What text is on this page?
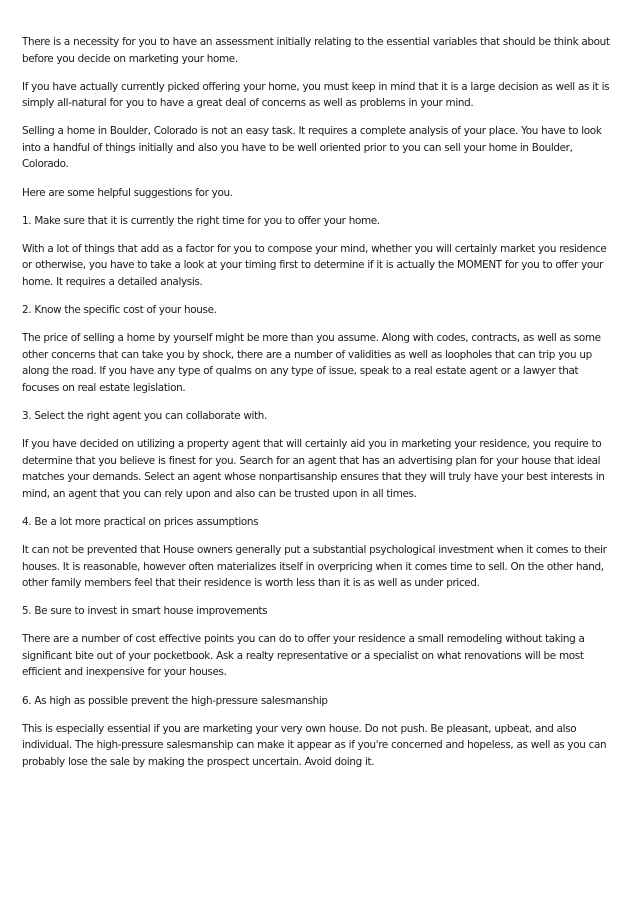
There is a necessity for you to have an assessment initially relating to the essential variables that should be think about before you decide on marketing your home.

If you have actually currently picked offering your home, you must keep in mind that it is a large decision as well as it is simply all-natural for you to have a great deal of concerns as well as problems in your mind.

Selling a home in Boulder, Colorado is not an easy task. It requires a complete analysis of your place. You have to look into a handful of things initially and also you have to be well oriented prior to you can sell your home in Boulder, Colorado.

Here are some helpful suggestions for you.

1. Make sure that it is currently the right time for you to offer your home.

With a lot of things that add as a factor for you to compose your mind, whether you will certainly market you residence or otherwise, you have to take a look at your timing first to determine if it is actually the MOMENT for you to offer your home. It requires a detailed analysis.

2. Know the specific cost of your house.

The price of selling a home by yourself might be more than you assume. Along with codes, contracts, as well as some other concerns that can take you by shock, there are a number of validities as well as loopholes that can trip you up along the road. If you have any type of qualms on any type of issue, speak to a real estate agent or a lawyer that focuses on real estate legislation.

3. Select the right agent you can collaborate with.

If you have decided on utilizing a property agent that will certainly aid you in marketing your residence, you require to determine that you believe is finest for you. Search for an agent that has an advertising plan for your house that ideal matches your demands. Select an agent whose nonpartisanship ensures that they will truly have your best interests in mind, an agent that you can rely upon and also can be trusted upon in all times.

4. Be a lot more practical on prices assumptions

It can not be prevented that House owners generally put a substantial psychological investment when it comes to their houses. It is reasonable, however often materializes itself in overpricing when it comes time to sell. On the other hand, other family members feel that their residence is worth less than it is as well as under priced.

5. Be sure to invest in smart house improvements

There are a number of cost effective points you can do to offer your residence a small remodeling without taking a significant bite out of your pocketbook. Ask a realty representative or a specialist on what renovations will be most efficient and inexpensive for your houses.

6. As high as possible prevent the high-pressure salesmanship

This is especially essential if you are marketing your very own house. Do not push. Be pleasant, upbeat, and also individual. The high-pressure salesmanship can make it appear as if you're concerned and hopeless, as well as you can probably lose the sale by making the prospect uncertain. Avoid doing it.
